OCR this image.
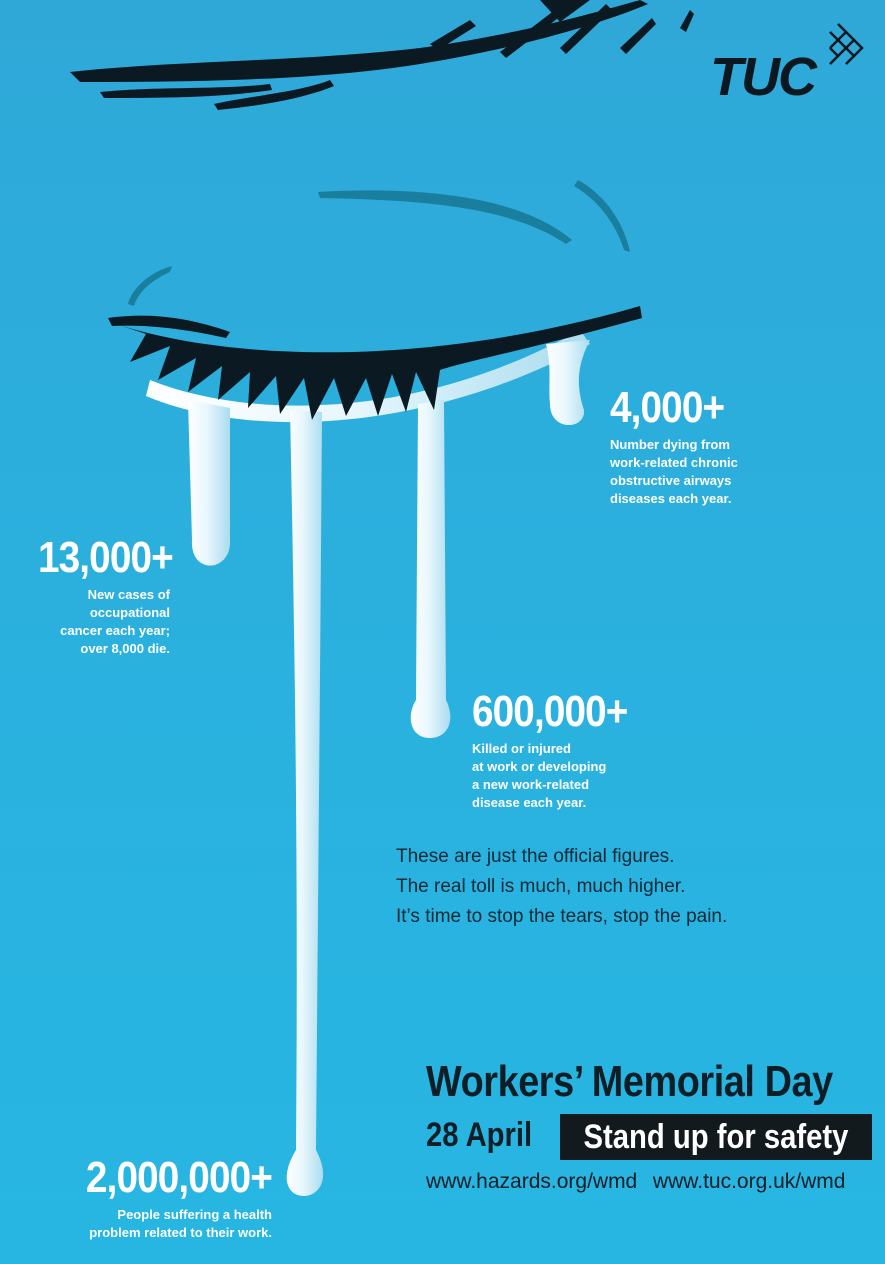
TUC
4,000+
Number dying from
work-related chronic
obstructive airways
diseases each year.
13,000+
New cases of
occupational
cancer each year;
over 8,000 die.
600,000+
Killed or injured
at work or developing
a new work-related
disease each year.
2,000,000+
People suffering a health
problem related to their work.
These are just the official figures.
The real toll is much, much higher.
It’s time to stop the tears, stop the pain.
Workers’ Memorial Day
28 April Stand up for safety
www.hazards.org/wmd  www.tuc.org.uk/wmd
